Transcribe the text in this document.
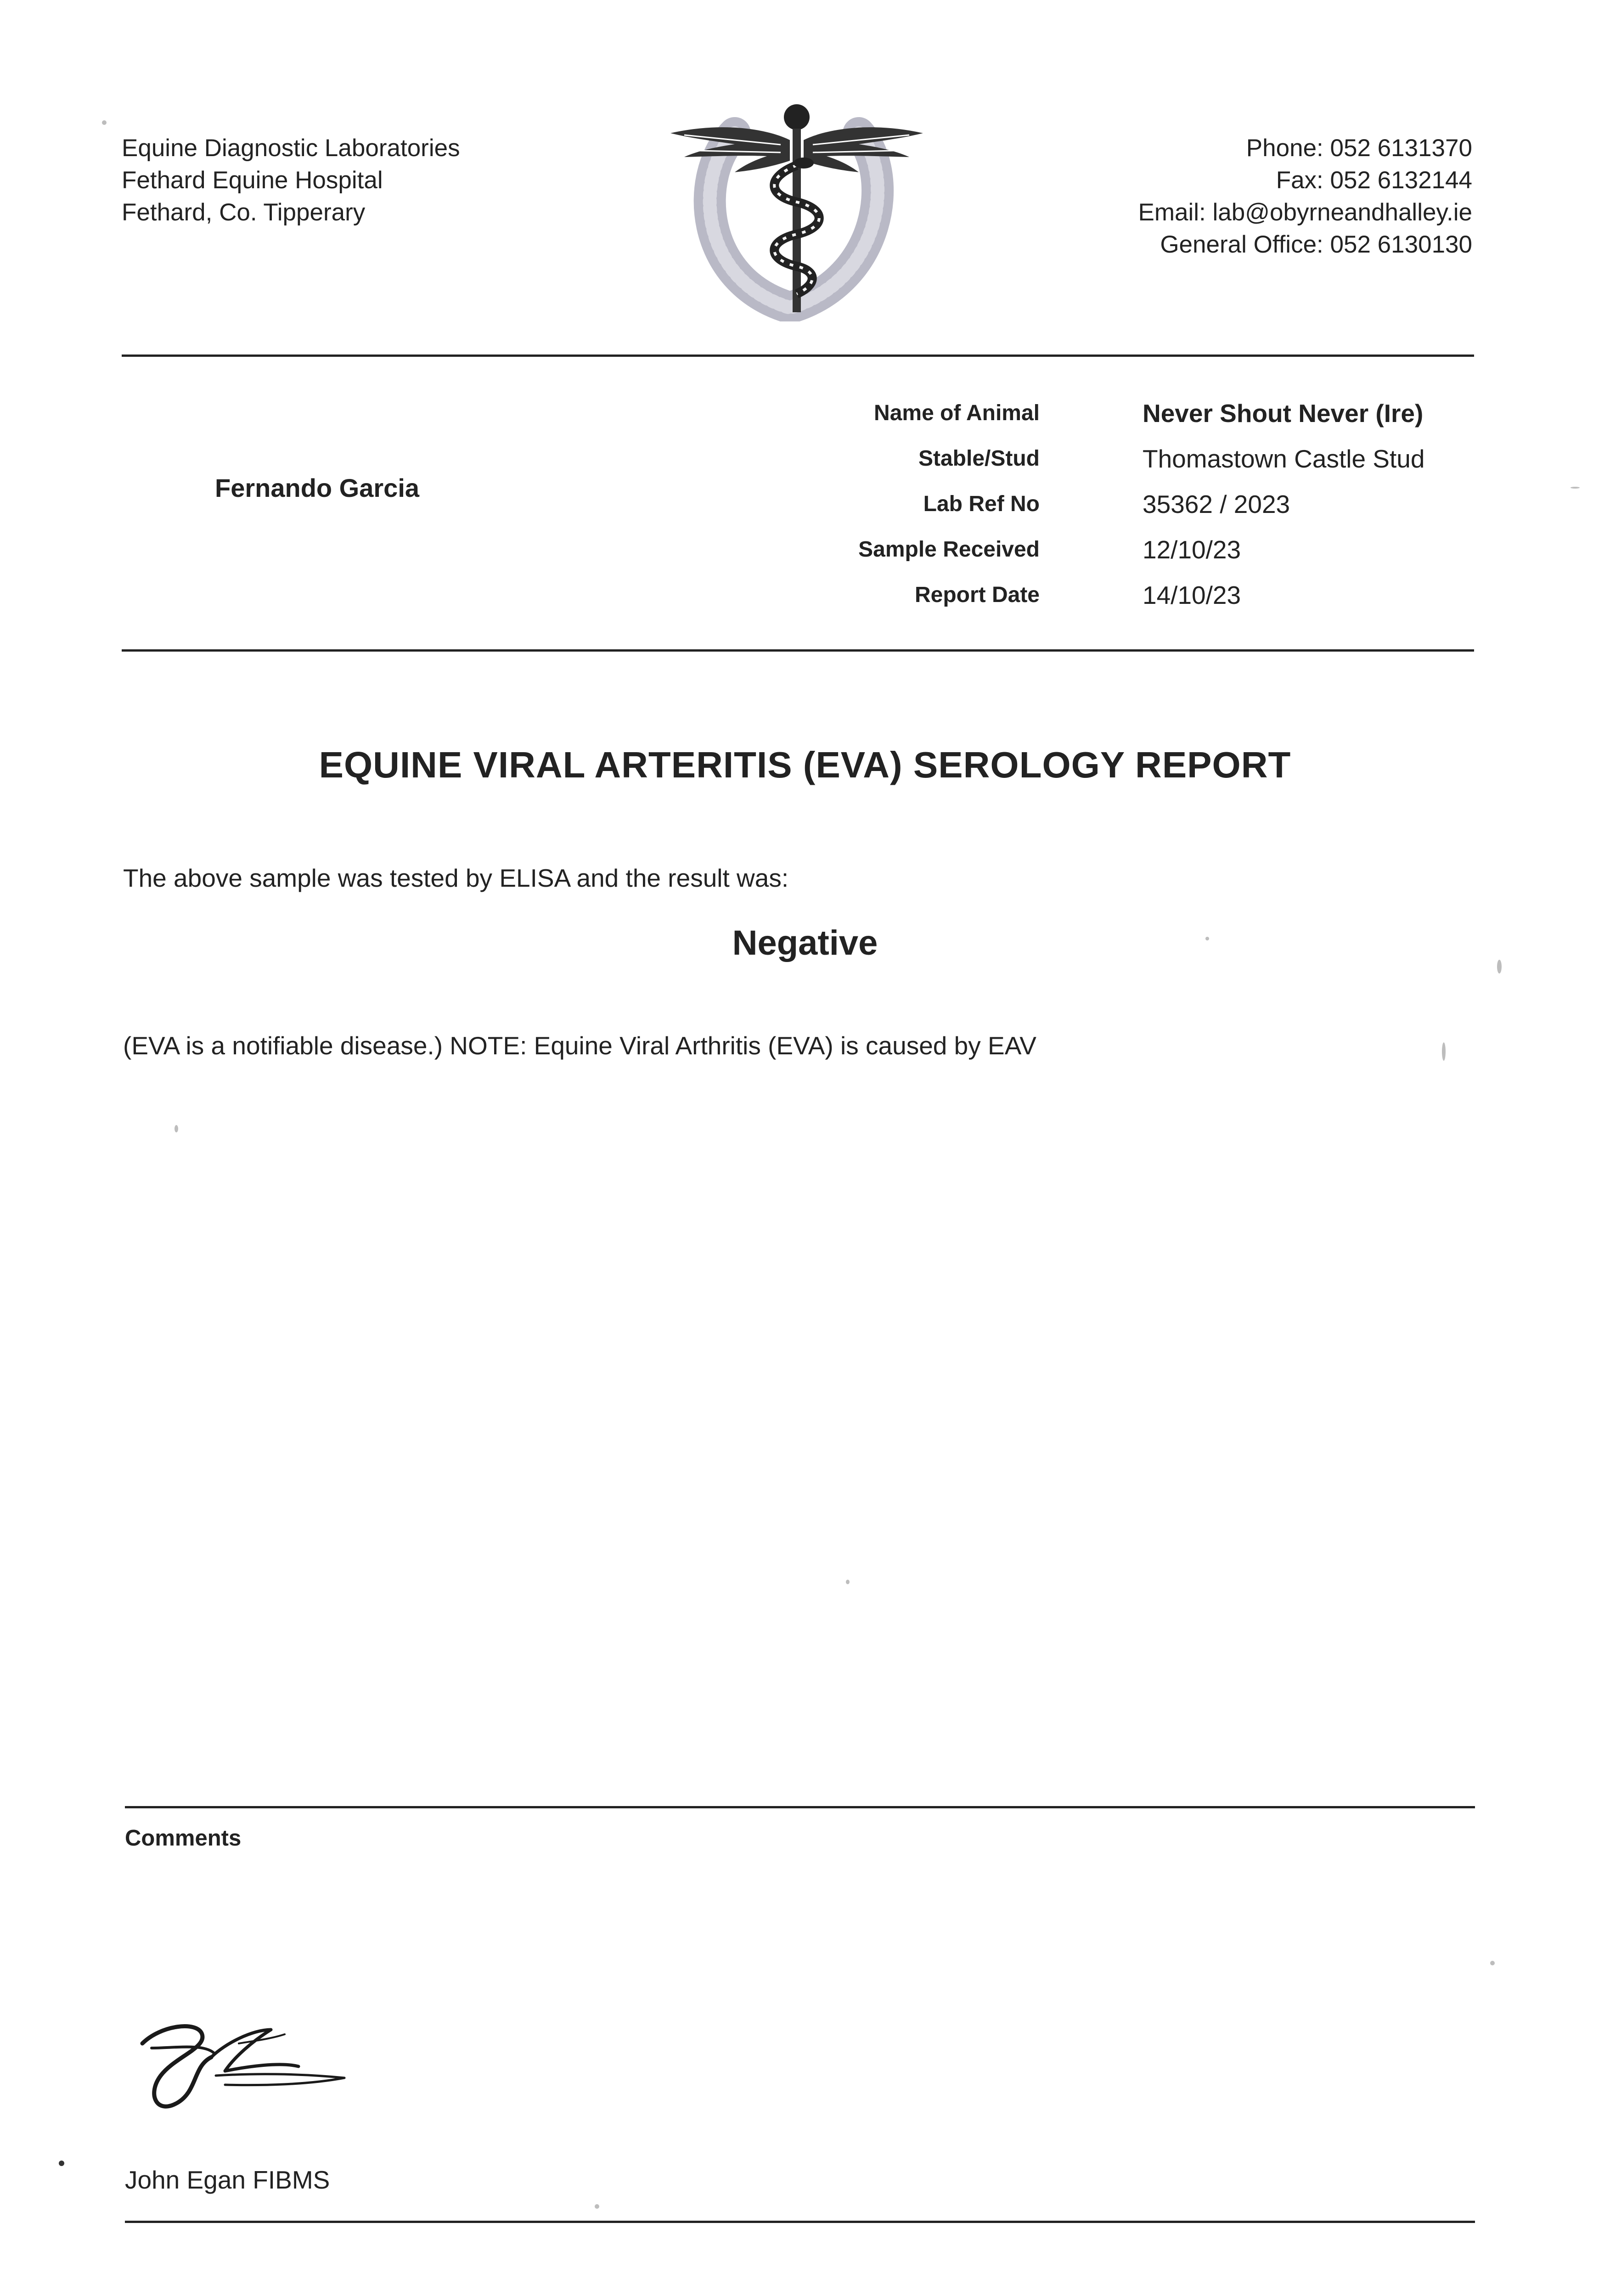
Equine Diagnostic Laboratories
Fethard Equine Hospital
Fethard, Co. Tipperary
Phone: 052 6131370
Fax: 052 6132144
Email: lab@obyrneandhalley.ie
General Office: 052 6130130
Fernando Garcia
Name of Animal	Never Shout Never (Ire)
Stable/Stud	Thomastown Castle Stud
Lab Ref No	35362 / 2023
Sample Received	12/10/23
Report Date	14/10/23
EQUINE VIRAL ARTERITIS (EVA) SEROLOGY REPORT
The above sample was tested by ELISA and the result was:
Negative
(EVA is a notifiable disease.) NOTE: Equine Viral Arthritis (EVA) is caused by EAV
Comments
John Egan FIBMS
